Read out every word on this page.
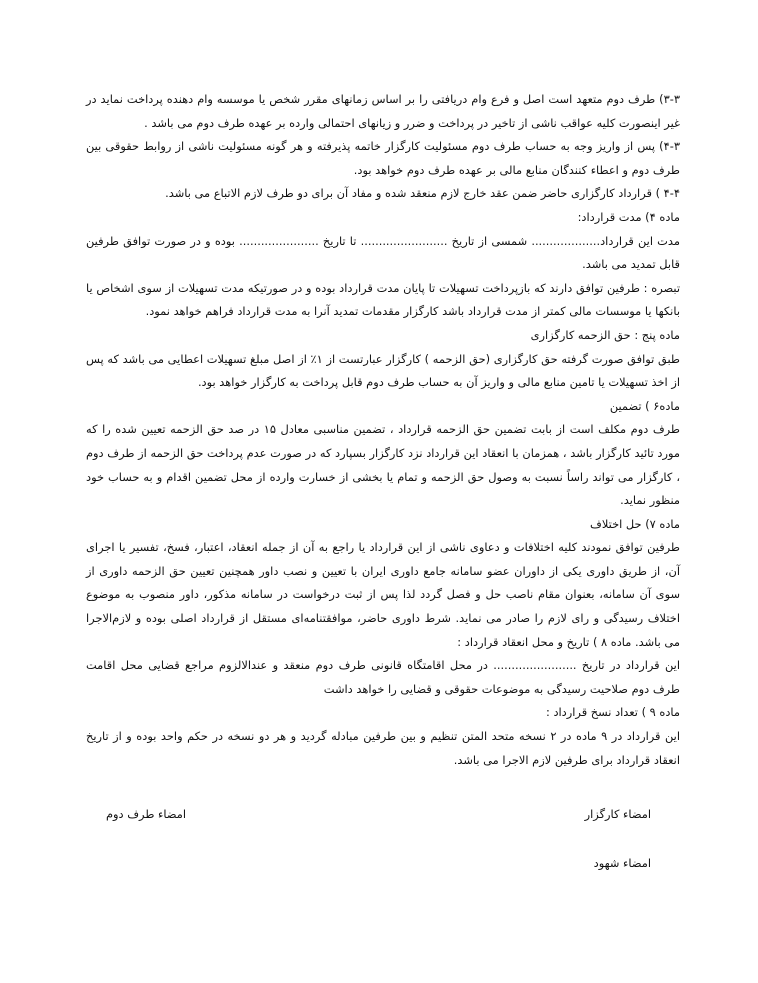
۳-۳) طرف دوم متعهد است اصل و فرع وام دریافتی را بر اساس زمانهای مقرر شخص یا موسسه وام دهنده پرداخت نماید در غیر اینصورت کلیه عواقب ناشی از تاخیر در پرداخت و ضرر و زیانهای احتمالی وارده بر عهده طرف دوم می باشد .

۴-۳) پس از واریز وجه به حساب طرف دوم مسئولیت کارگزار خاتمه پذیرفته و هر گونه مسئولیت ناشی از روابط حقوقی بین طرف دوم و اعطاء کنندگان منابع مالی بر عهده طرف دوم خواهد بود.

۴-۴ ) قرارداد کارگزاری حاضر ضمن عقد خارج لازم منعقد شده و مفاد آن برای دو طرف لازم الاتباع می باشد.

ماده ۴) مدت قرارداد:

مدت این قرارداد................... شمسی از تاریخ ........................ تا تاریخ ...................... بوده و در صورت توافق طرفین قابل تمدید می باشد.

تبصره : طرفین توافق دارند که بازپرداخت تسهیلات تا پایان مدت قرارداد بوده و در صورتیکه مدت تسهیلات از سوی اشخاص یا بانکها یا موسسات مالی کمتر از مدت قرارداد باشد کارگزار مقدمات تمدید آنرا به مدت قرارداد فراهم خواهد نمود.

ماده پنج : حق الزحمه کارگزاری

طبق توافق صورت گرفته حق کارگزاری (حق الزحمه ) کارگزار عبارتست از ۱٪ از اصل مبلغ تسهیلات اعطایی می باشد که پس از اخذ تسهیلات یا تامین منابع مالی و واریز آن به حساب طرف دوم قابل پرداخت به کارگزار خواهد بود.

ماده۶ ) تضمین

طرف دوم مکلف است از بابت تضمین حق الزحمه قرارداد ، تضمین مناسبی معادل ۱۵ در صد حق الزحمه تعیین شده را که مورد تائید کارگزار باشد ، همزمان با انعقاد این قرارداد نزد کارگزار بسپارد که در صورت عدم پرداخت حق الزحمه از طرف دوم ، کارگزار می تواند راساً نسبت به وصول حق الزحمه و تمام یا بخشی از خسارت وارده از محل تضمین اقدام و به حساب خود منظور نماید.

ماده ۷) حل اختلاف

طرفین توافق نمودند کلیه اختلافات و دعاوی ناشی از این قرارداد یا راجع به آن از جمله انعقاد، اعتبار، فسخ، تفسیر یا اجرای آن، از طریق داوری یکی از داوران عضو سامانه جامع داوری ایران با تعیین و نصب داور همچنین تعیین حق الزحمه داوری از سوی آن سامانه، بعنوان مقام ناصب حل و فصل گردد لذا پس از ثبت درخواست در سامانه مذکور، داور منصوب به موضوع اختلاف رسیدگی و رای لازم را صادر می نماید. شرط داوری حاضر، موافقتنامه‌ای مستقل از قرارداد اصلی بوده و لازم‌الاجرا می باشد. ماده ۸ ) تاریخ و محل انعقاد قرارداد :

این قرارداد در تاریخ ....................... در محل اقامتگاه قانونی طرف دوم منعقد و عندالالزوم مراجع قضایی محل اقامت طرف دوم صلاحیت رسیدگی به موضوعات حقوقی و قضایی را خواهد داشت

ماده ۹ ) تعداد نسخ قرارداد :

این قرارداد در ۹ ماده در ۲ نسخه متحد المتن تنظیم و بین طرفین مبادله گردید و هر دو نسخه در حکم واحد بوده و از تاریخ انعقاد قرارداد برای طرفین لازم الاجرا می باشد.

امضاء کارگزار
امضاء طرف دوم
امضاء شهود
